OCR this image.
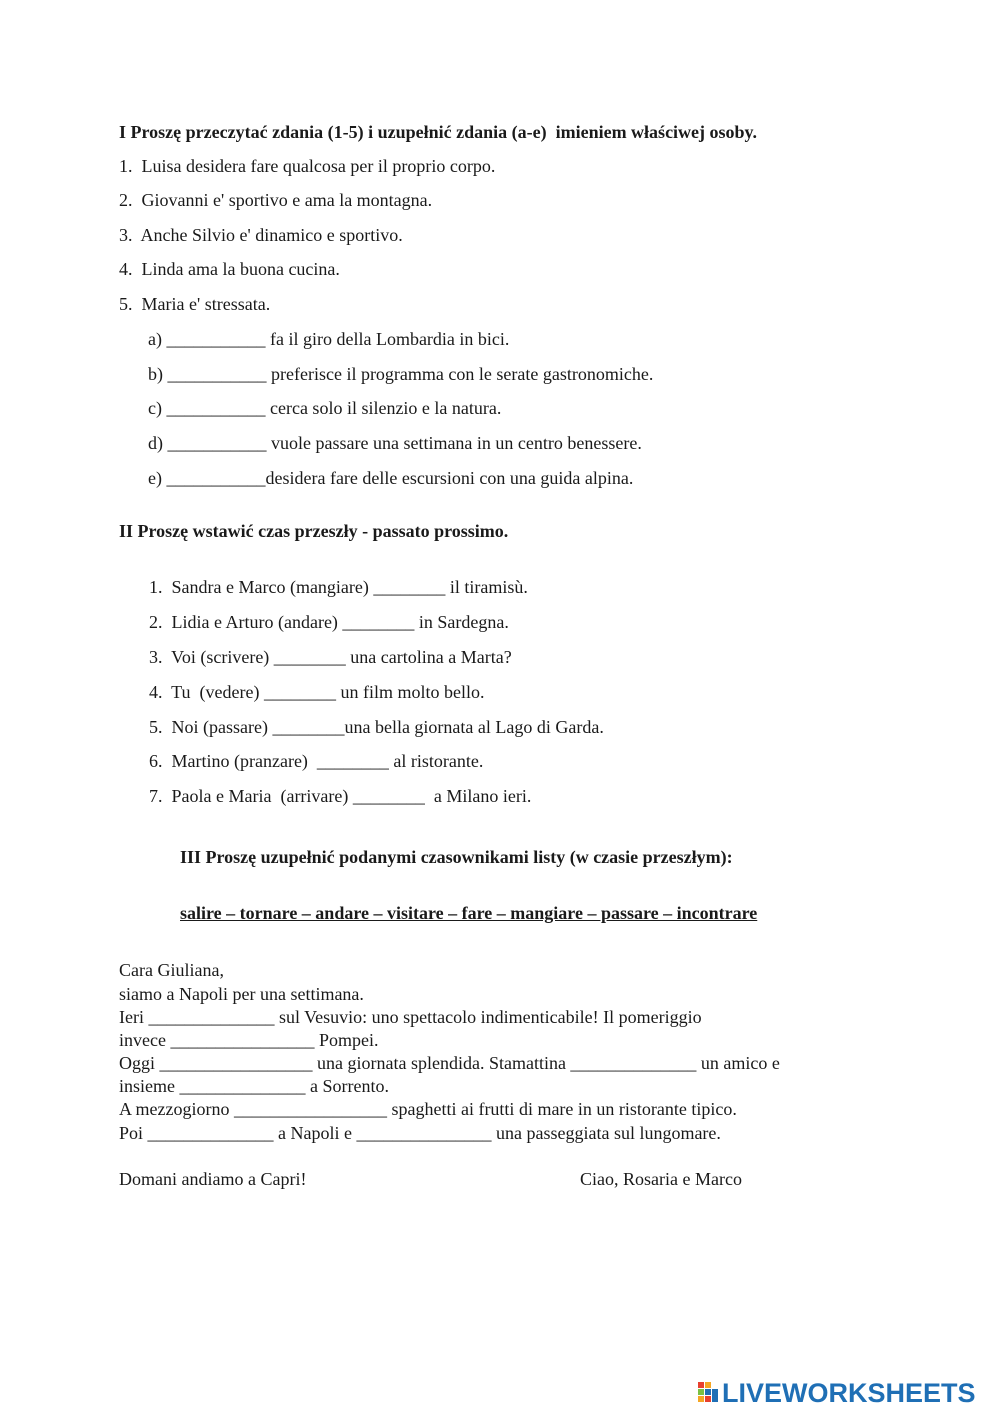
I Proszę przeczytać zdania (1-5) i uzupełnić zdania (a-e)  imieniem właściwej osoby.
1.  Luisa desidera fare qualcosa per il proprio corpo.
2.  Giovanni e' sportivo e ama la montagna.
3.  Anche Silvio e' dinamico e sportivo.
4.  Linda ama la buona cucina.
5.  Maria e' stressata.
a) ___________ fa il giro della Lombardia in bici.
b) ___________ preferisce il programma con le serate gastronomiche.
c) ___________ cerca solo il silenzio e la natura.
d) ___________ vuole passare una settimana in un centro benessere.
e) ___________desidera fare delle escursioni con una guida alpina.
II Proszę wstawić czas przeszły - passato prossimo.
1.  Sandra e Marco (mangiare) ________ il tiramisù.
2.  Lidia e Arturo (andare) ________ in Sardegna.
3.  Voi (scrivere) ________ una cartolina a Marta?
4.  Tu  (vedere) ________ un film molto bello.
5.  Noi (passare) ________una bella giornata al Lago di Garda.
6.  Martino (pranzare)  ________ al ristorante.
7.  Paola e Maria  (arrivare) ________  a Milano ieri.
III Proszę uzupełnić podanymi czasownikami listy (w czasie przeszłym):
salire – tornare – andare – visitare – fare – mangiare – passare – incontrare
Cara Giuliana,
siamo a Napoli per una settimana.
Ieri ______________ sul Vesuvio: uno spettacolo indimenticabile! Il pomeriggio
invece ________________ Pompei.
Oggi _________________ una giornata splendida. Stamattina ______________ un amico e
insieme ______________ a Sorrento.
A mezzogiorno _________________ spaghetti ai frutti di mare in un ristorante tipico.
Poi ______________ a Napoli e _______________ una passeggiata sul lungomare.
Domani andiamo a Capri!	Ciao, Rosaria e Marco
LIVEWORKSHEETS
